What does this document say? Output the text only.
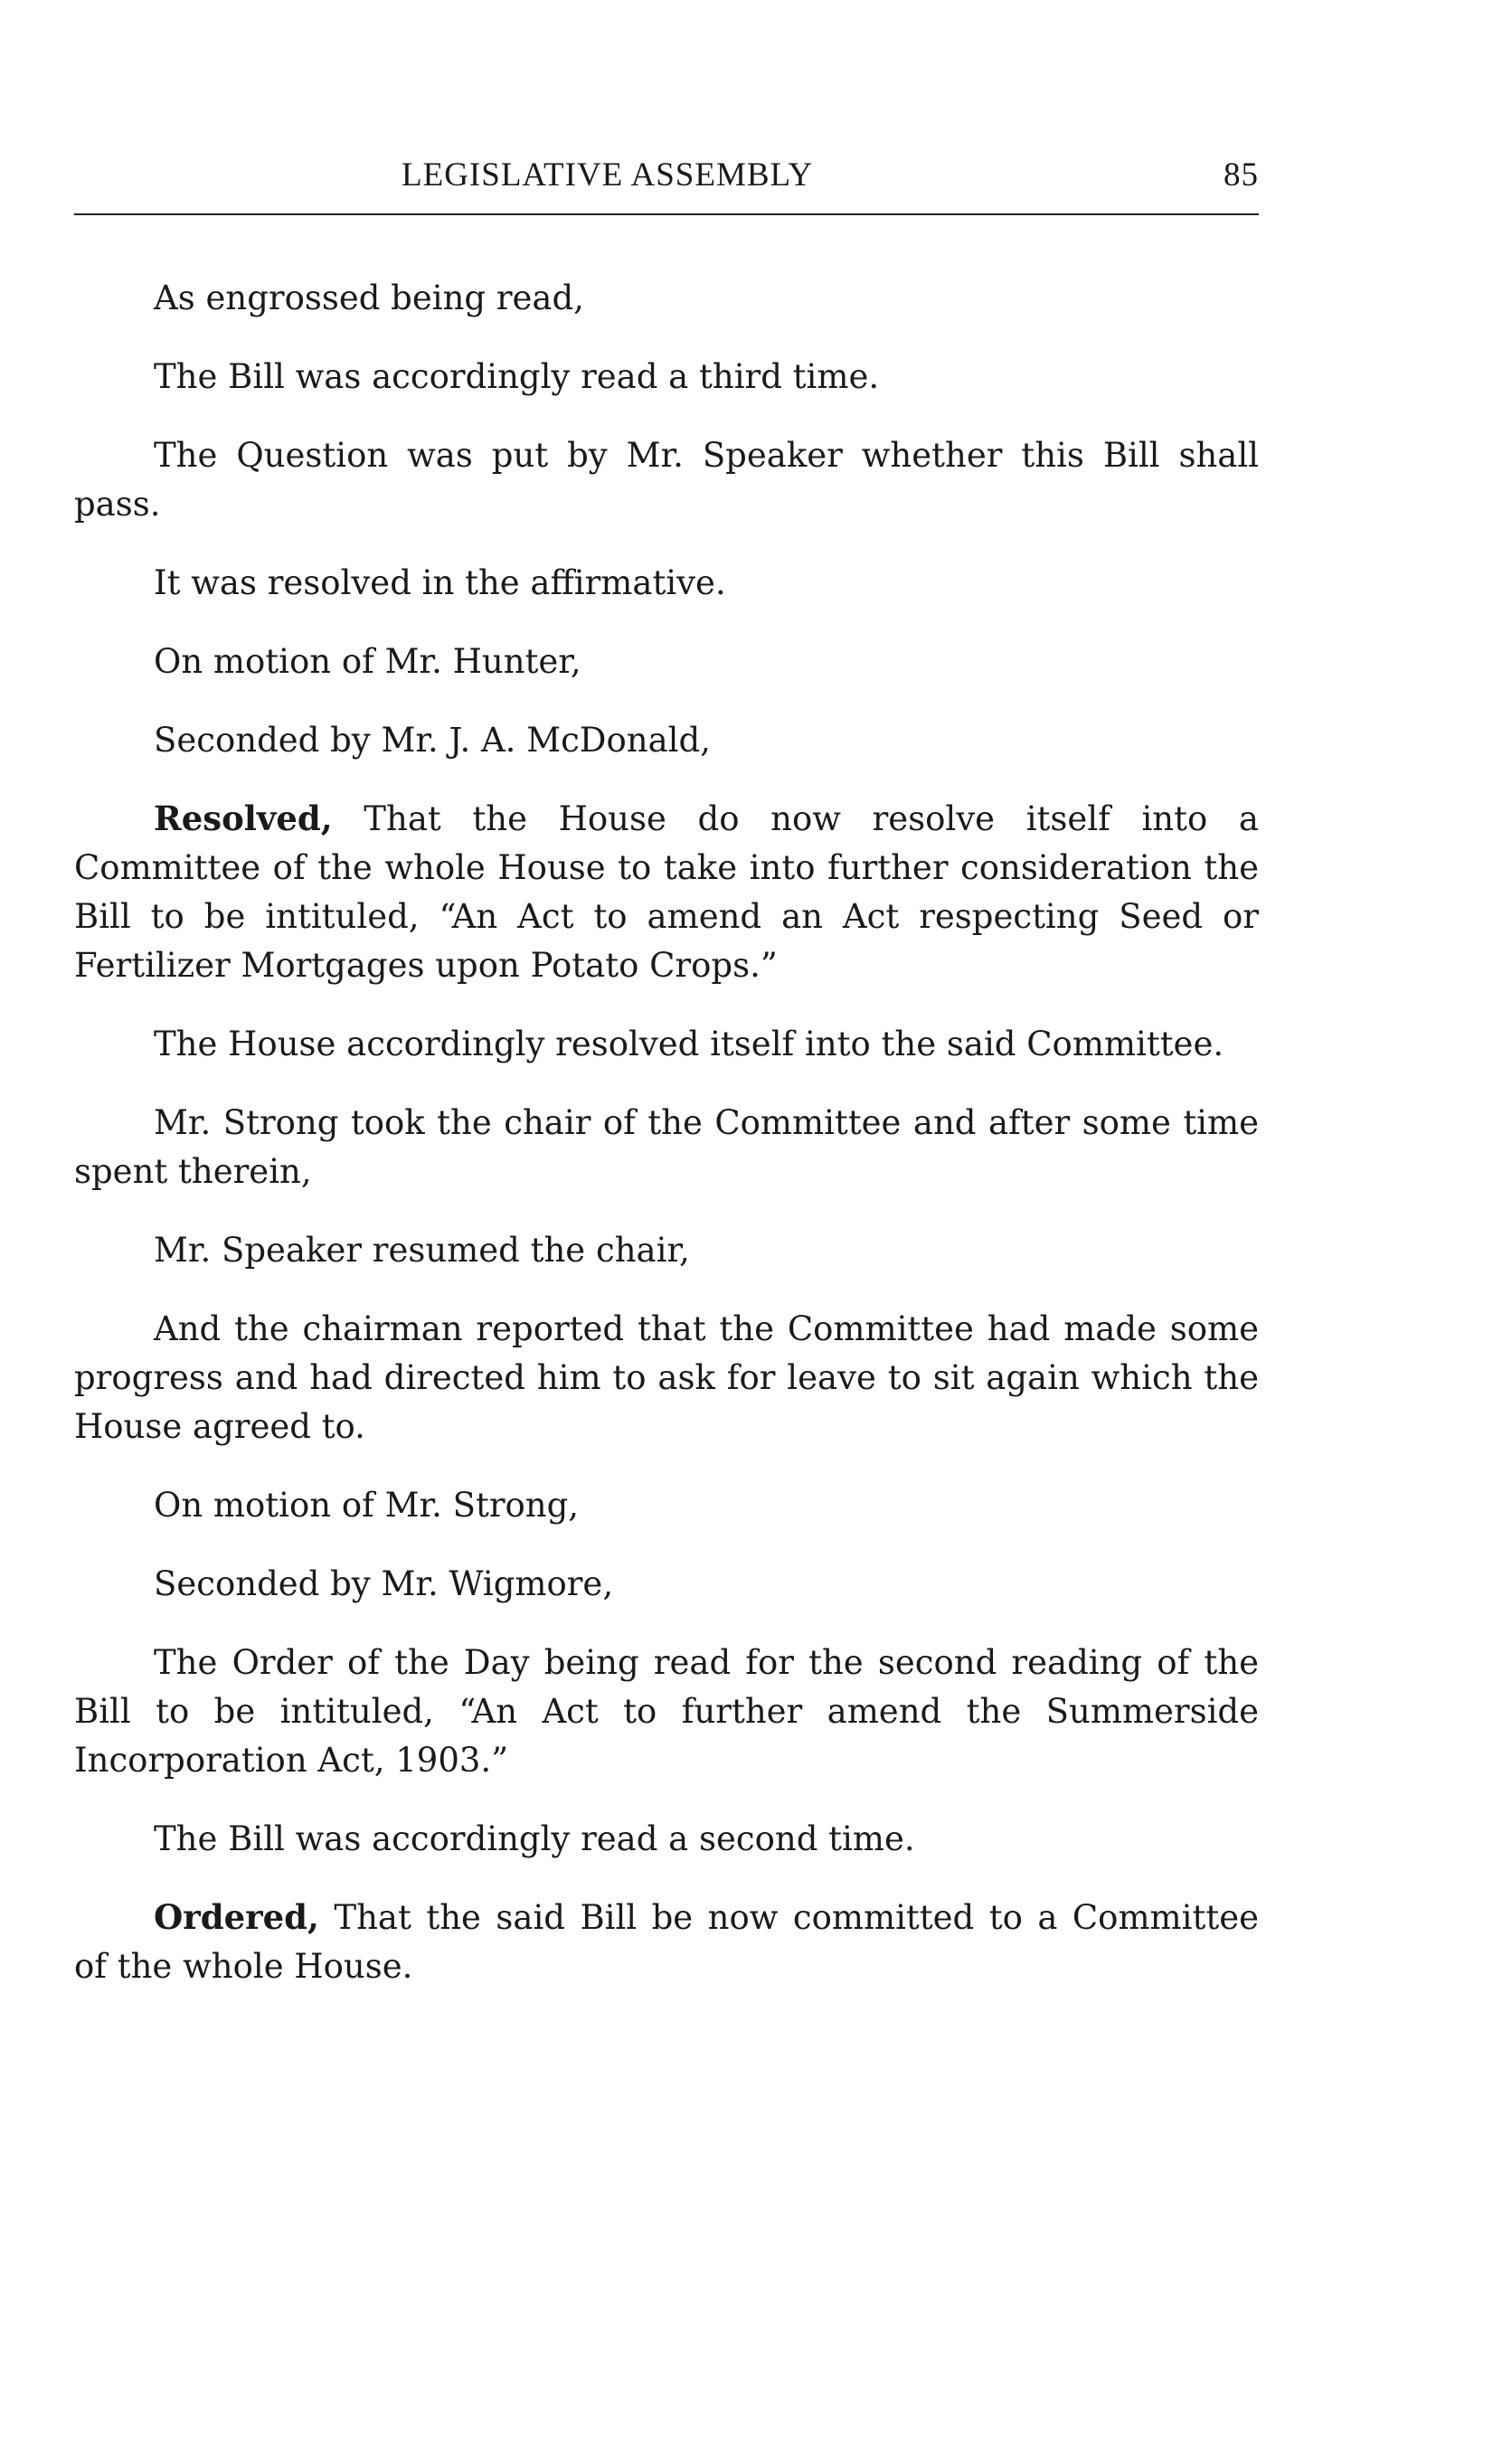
LEGISLATIVE ASSEMBLY	85

As engrossed being read,

The Bill was accordingly read a third time.

The Question was put by Mr. Speaker whether this Bill shall pass.

It was resolved in the affirmative.

On motion of Mr. Hunter,

Seconded by Mr. J. A. McDonald,

Resolved, That the House do now resolve itself into a Committee of the whole House to take into further consideration the Bill to be intituled, “An Act to amend an Act respecting Seed or Fertilizer Mortgages upon Potato Crops.”

The House accordingly resolved itself into the said Committee.

Mr. Strong took the chair of the Committee and after some time spent therein,

Mr. Speaker resumed the chair,

And the chairman reported that the Committee had made some progress and had directed him to ask for leave to sit again which the House agreed to.

On motion of Mr. Strong,

Seconded by Mr. Wigmore,

The Order of the Day being read for the second reading of the Bill to be intituled, “An Act to further amend the Summerside Incorporation Act, 1903.”

The Bill was accordingly read a second time.

Ordered, That the said Bill be now committed to a Committee of the whole House.
